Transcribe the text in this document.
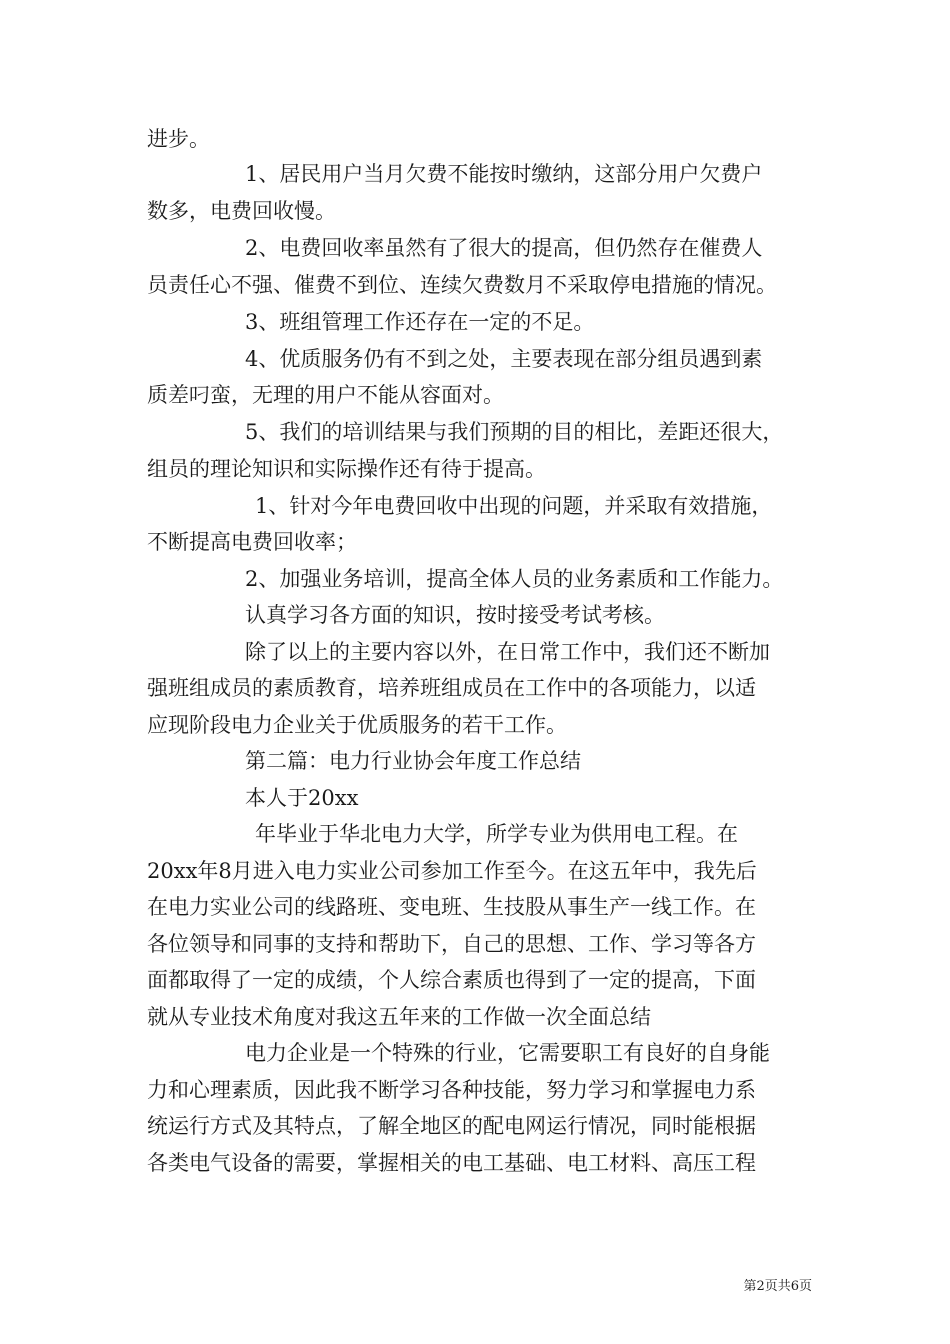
进步。
1、居民用户当月欠费不能按时缴纳，这部分用户欠费户
数多，电费回收慢。
2、电费回收率虽然有了很大的提高，但仍然存在催费人
员责任心不强、催费不到位、连续欠费数月不采取停电措施的情况。
3、班组管理工作还存在一定的不足。
4、优质服务仍有不到之处，主要表现在部分组员遇到素
质差叼蛮，无理的用户不能从容面对。
5、我们的培训结果与我们预期的目的相比，差距还很大，
组员的理论知识和实际操作还有待于提高。
1、针对今年电费回收中出现的问题，并采取有效措施，
不断提高电费回收率；
2、加强业务培训，提高全体人员的业务素质和工作能力。
认真学习各方面的知识，按时接受考试考核。
除了以上的主要内容以外，在日常工作中，我们还不断加
强班组成员的素质教育，培养班组成员在工作中的各项能力，以适
应现阶段电力企业关于优质服务的若干工作。
第二篇：电力行业协会年度工作总结
本人于20xx
年毕业于华北电力大学，所学专业为供用电工程。在
20xx年8月进入电力实业公司参加工作至今。在这五年中，我先后
在电力实业公司的线路班、变电班、生技股从事生产一线工作。在
各位领导和同事的支持和帮助下，自己的思想、工作、学习等各方
面都取得了一定的成绩，个人综合素质也得到了一定的提高，下面
就从专业技术角度对我这五年来的工作做一次全面总结
电力企业是一个特殊的行业，它需要职工有良好的自身能
力和心理素质，因此我不断学习各种技能，努力学习和掌握电力系
统运行方式及其特点，了解全地区的配电网运行情况，同时能根据
各类电气设备的需要，掌握相关的电工基础、电工材料、高压工程
第2页共6页
